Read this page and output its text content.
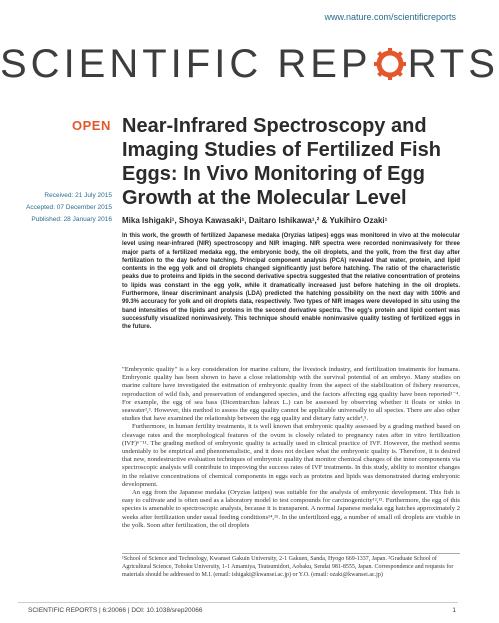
www.nature.com/scientificreports
SCIENTIFIC REP RTS
OPEN Near-Infrared Spectroscopy and Imaging Studies of Fertilized Fish Eggs: In Vivo Monitoring of Egg Growth at the Molecular Level
Received: 21 July 2015
Accepted: 07 December 2015
Published: 28 January 2016 Mika Ishigaki¹, Shoya Kawasaki¹, Daitaro Ishikawa¹,² & Yukihiro Ozaki¹
In this work, the growth of fertilized Japanese medaka (Oryzias latipes) eggs was monitored in vivo at the molecular level using near-infrared (NIR) spectroscopy and NIR imaging. NIR spectra were recorded noninvasively for three major parts of a fertilized medaka egg, the embryonic body, the oil droplets, and the yolk, from the first day after fertilization to the day before hatching. Principal component analysis (PCA) revealed that water, protein, and lipid contents in the egg yolk and oil droplets changed significantly just before hatching. The ratio of the characteristic peaks due to proteins and lipids in the second derivative spectra suggested that the relative concentration of proteins to lipids was constant in the egg yolk, while it dramatically increased just before hatching in the oil droplets. Furthermore, linear discriminant analysis (LDA) predicted the hatching possibility on the next day with 100% and 99.3% accuracy for yolk and oil droplets data, respectively. Two types of NIR images were developed in situ using the band intensities of the lipids and proteins in the second derivative spectra. The egg's protein and lipid content was successfully visualized noninvasively. This technique should enable noninvasive quality testing of fertilized eggs in the future.

"Embryonic quality" is a key consideration for marine culture, the livestock industry, and fertilization treatments for humans. Embryonic quality has been shown to have a close relationship with the survival potential of an embryo. Many studies on marine culture have investigated the estimation of embryonic quality from the aspect of the stabilization of fishery resources, reproduction of wild fish, and preservation of endangered species, and the factors affecting egg quality have been reported¹⁻⁴. For example, the egg of sea bass (Dicentrarchus labrax L.) can be assessed by observing whether it floats or sinks in seawater²,³. However, this method to assess the egg quality cannot be applicable universally to all species. There are also other studies that have examined the relationship between the egg quality and dietary fatty acids⁴,⁵.

Furthermore, in human fertility treatments, it is well known that embryonic quality assessed by a grading method based on cleavage rates and the morphological features of the ovum is closely related to pregnancy rates after in vitro fertilization (IVF)⁶⁻¹¹. The grading method of embryonic quality is actually used in clinical practice of IVF. However, the method seems undeniably to be empirical and phenomenalistic, and it does not declare what the embryonic quality is. Therefore, it is desired that new, nondestructive evaluation techniques of embryonic quality that monitor chemical changes of the inner components via spectroscopic analysis will contribute to improving the success rates of IVF treatments. In this study, ability to monitor changes in the relative concentrations of chemical components in eggs such as proteins and lipids was demonstrated during embryonic development.

An egg from the Japanese medaka (Oryzias latipes) was suitable for the analysis of embryonic development. This fish is easy to cultivate and is often used as a laboratory model to test compounds for carcinogenicity¹²,¹³. Furthermore, the egg of this species is amenable to spectroscopic analysis, because it is transparent. A normal Japanese medaka egg hatches approximately 2 weeks after fertilization under usual feeding conditions¹⁴,¹⁵. In the unfertilized egg, a number of small oil droplets are visible in the yolk. Soon after fertilization, the oil droplets

¹School of Science and Technology, Kwansei Gakuin University, 2-1 Gakuen, Sanda, Hyogo 669-1337, Japan. ²Graduate School of Agricultural Science, Tohoku University, 1-1 Amamiya, Tsutsumidori, Aobaku, Sendai 981-8555, Japan. Correspondence and requests for materials should be addressed to M.I. (email: ishigaki@kwansei.ac.jp) or Y.O. (email: ozaki@kwansei.ac.jp)
SCIENTIFIC REPORTS | 6:20066 | DOI: 10.1038/srep20066	1
